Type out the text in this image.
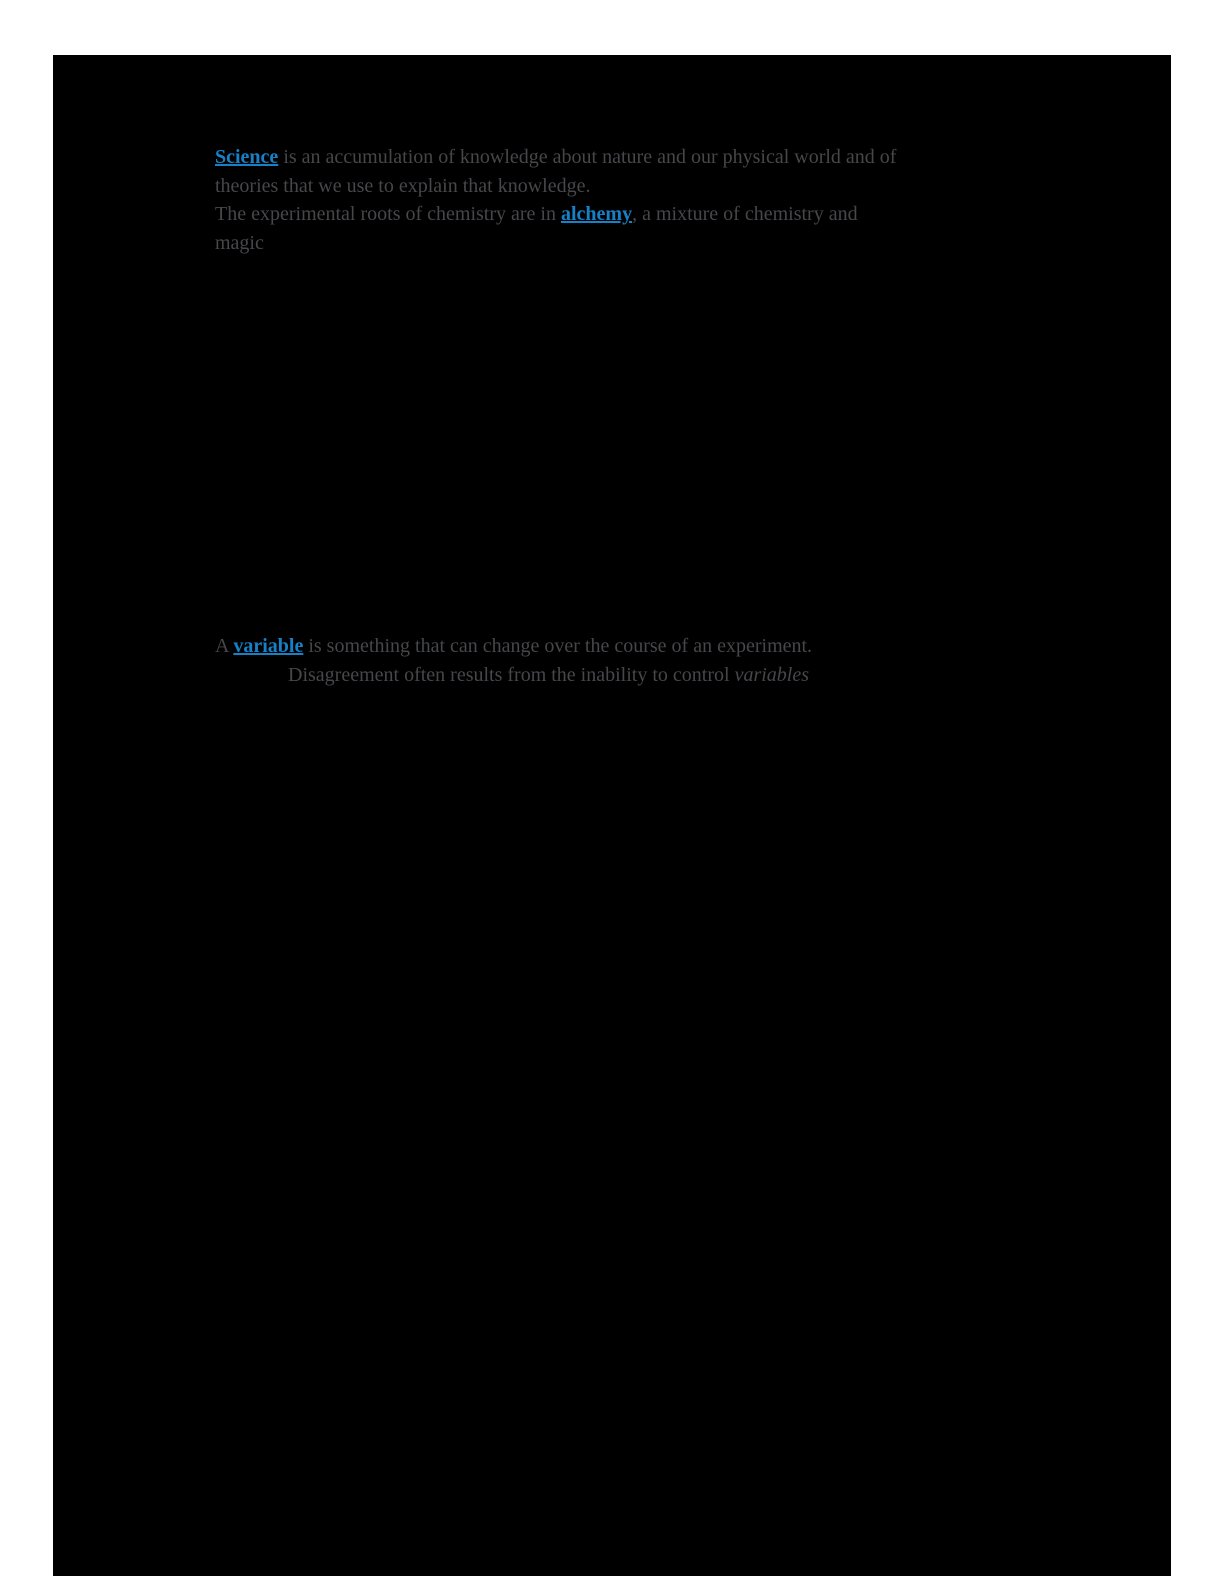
Science is an accumulation of knowledge about nature and our physical world and of
theories that we use to explain that knowledge.
The experimental roots of chemistry are in alchemy, a mixture of chemistry and
magic
A variable is something that can change over the course of an experiment.
Disagreement often results from the inability to control variables
